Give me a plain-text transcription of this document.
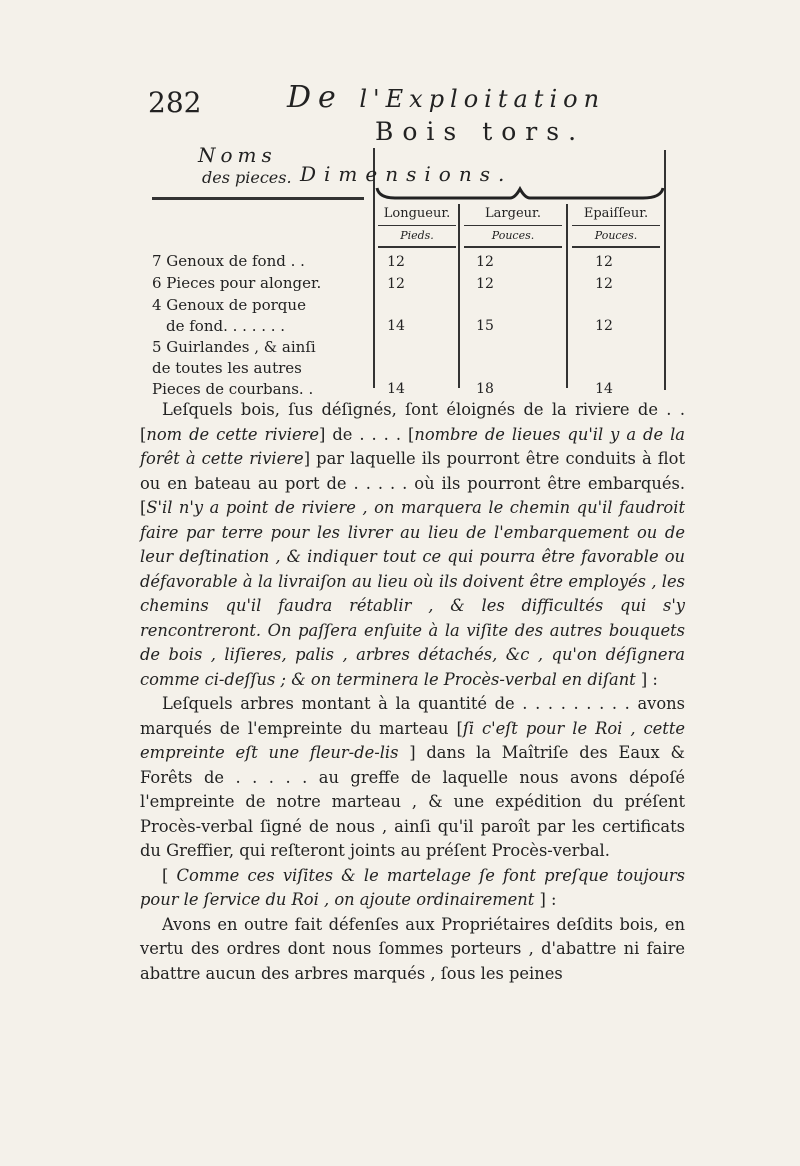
282	De l'Exploitation
Bois tors.
Noms
des pieces. Dimensions.
Longueur.	Largeur.	Epaiſſeur.
Pieds.	Pouces.	Pouces.
7 Genoux de fond . .	12	12	12
6 Pieces pour alonger.	12	12	12
4 Genoux de porque
de fond. . . . . . .	14	15	12
5 Guirlandes , & ainſi
de toutes les autres
Pieces de courbans. .	14	18	14

Leſquels bois, ſus déſignés, ſont éloignés de la riviere de . . [nom de cette riviere] de . . . . [nombre de lieues qu'il y a de la forêt à cette riviere] par laquelle ils pourront être conduits à flot ou en bateau au port de . . . . . où ils pourront être embarqués. [S'il n'y a point de riviere , on marquera le chemin qu'il faudroit faire par terre pour les livrer au lieu de l'embarquement ou de leur deſtination , & indiquer tout ce qui pourra être favorable ou défavorable à la livraiſon au lieu où ils doivent être employés , les chemins qu'il faudra rétablir , & les difficultés qui s'y rencontreront. On paſſera enſuite à la viſite des autres bouquets de bois , liſieres, palis , arbres détachés, &c , qu'on déſignera comme ci-deſſus ; & on terminera le Procès-verbal en diſant ] :

Leſquels arbres montant à la quantité de . . . . . . . . . avons marqués de l'empreinte du marteau [ſi c'eſt pour le Roi , cette empreinte eſt une fleur-de-lis ] dans la Maîtriſe des Eaux & Forêts de . . . . . au greffe de laquelle nous avons dépoſé l'empreinte de notre marteau , & une expédition du préſent Procès-verbal ſigné de nous , ainſi qu'il paroît par les certificats du Greffier, qui reſteront joints au préſent Procès-verbal.

[ Comme ces viſites & le martelage ſe font preſque toujours pour le ſervice du Roi , on ajoute ordinairement ] :

Avons en outre fait défenſes aux Propriétaires deſdits bois, en vertu des ordres dont nous ſommes porteurs , d'abattre ni faire abattre aucun des arbres marqués , ſous les peines
